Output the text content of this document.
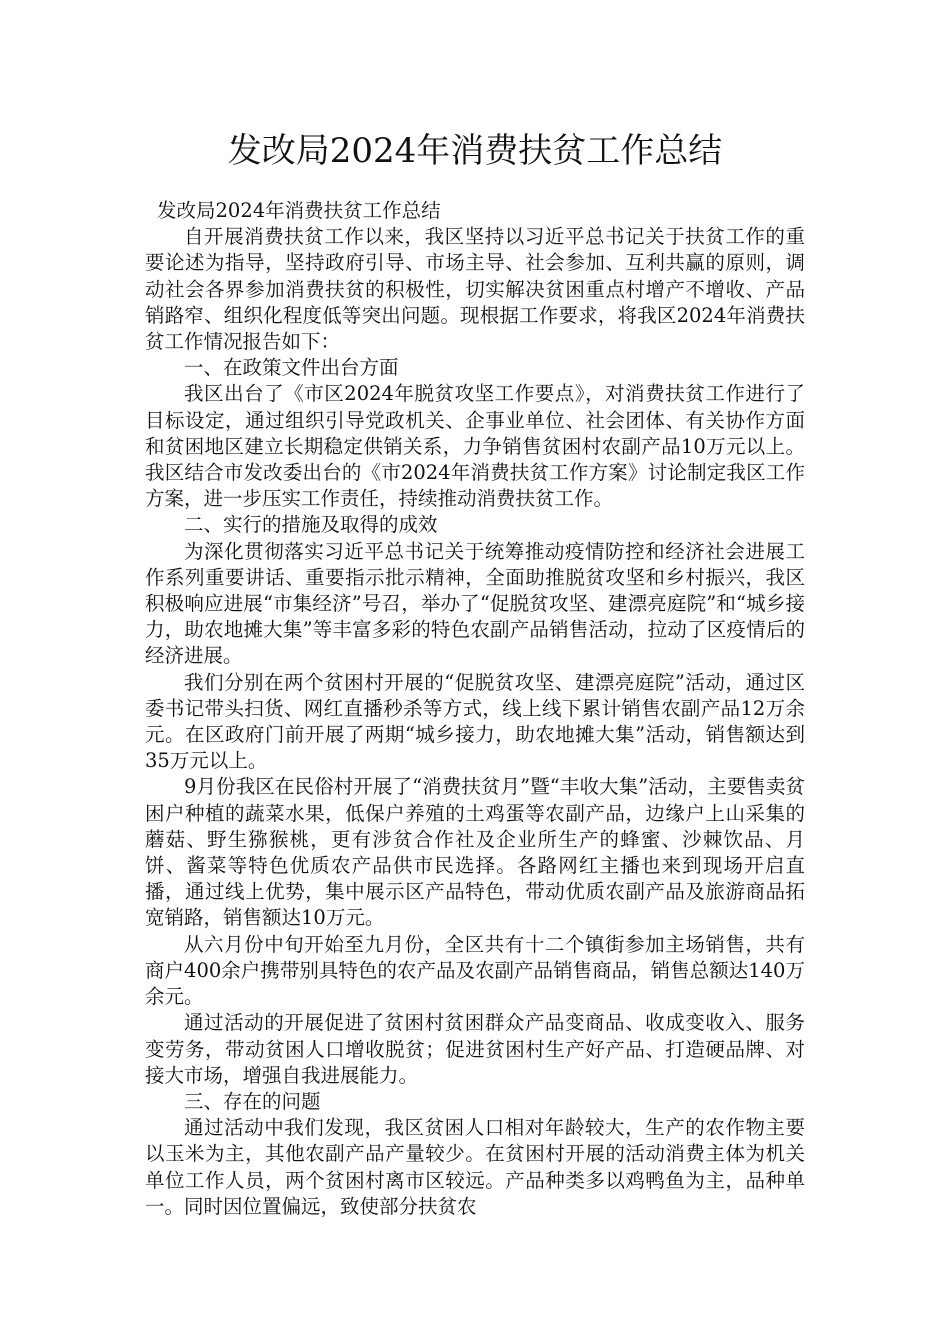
发改局2024年消费扶贫工作总结

发改局2024年消费扶贫工作总结

自开展消费扶贫工作以来，我区坚持以习近平总书记关于扶贫工作的重要论述为指导，坚持政府引导、市场主导、社会参加、互利共赢的原则，调动社会各界参加消费扶贫的积极性，切实解决贫困重点村增产不增收、产品销路窄、组织化程度低等突出问题。现根据工作要求，将我区2024年消费扶贫工作情况报告如下：

一、在政策文件出台方面

我区出台了《市区2024年脱贫攻坚工作要点》，对消费扶贫工作进行了目标设定，通过组织引导党政机关、企事业单位、社会团体、有关协作方面和贫困地区建立长期稳定供销关系，力争销售贫困村农副产品10万元以上。我区结合市发改委出台的《市2024年消费扶贫工作方案》讨论制定我区工作方案，进一步压实工作责任，持续推动消费扶贫工作。

二、实行的措施及取得的成效

为深化贯彻落实习近平总书记关于统筹推动疫情防控和经济社会进展工作系列重要讲话、重要指示批示精神，全面助推脱贫攻坚和乡村振兴，我区积极响应进展“市集经济”号召，举办了“促脱贫攻坚、建漂亮庭院”和“城乡接力，助农地摊大集”等丰富多彩的特色农副产品销售活动，拉动了区疫情后的经济进展。

我们分别在两个贫困村开展的“促脱贫攻坚、建漂亮庭院”活动，通过区委书记带头扫货、网红直播秒杀等方式，线上线下累计销售农副产品12万余元。在区政府门前开展了两期“城乡接力，助农地摊大集”活动，销售额达到35万元以上。

9月份我区在民俗村开展了“消费扶贫月”暨“丰收大集”活动，主要售卖贫困户种植的蔬菜水果，低保户养殖的土鸡蛋等农副产品，边缘户上山采集的蘑菇、野生猕猴桃，更有涉贫合作社及企业所生产的蜂蜜、沙棘饮品、月饼、酱菜等特色优质农产品供市民选择。各路网红主播也来到现场开启直播，通过线上优势，集中展示区产品特色，带动优质农副产品及旅游商品拓宽销路，销售额达10万元。

从六月份中旬开始至九月份，全区共有十二个镇街参加主场销售，共有商户400余户携带别具特色的农产品及农副产品销售商品，销售总额达140万余元。

通过活动的开展促进了贫困村贫困群众产品变商品、收成变收入、服务变劳务，带动贫困人口增收脱贫；促进贫困村生产好产品、打造硬品牌、对接大市场，增强自我进展能力。

三、存在的问题

通过活动中我们发现，我区贫困人口相对年龄较大，生产的农作物主要以玉米为主，其他农副产品产量较少。在贫困村开展的活动消费主体为机关单位工作人员，两个贫困村离市区较远。产品种类多以鸡鸭鱼为主，品种单一。同时因位置偏远，致使部分扶贫农
